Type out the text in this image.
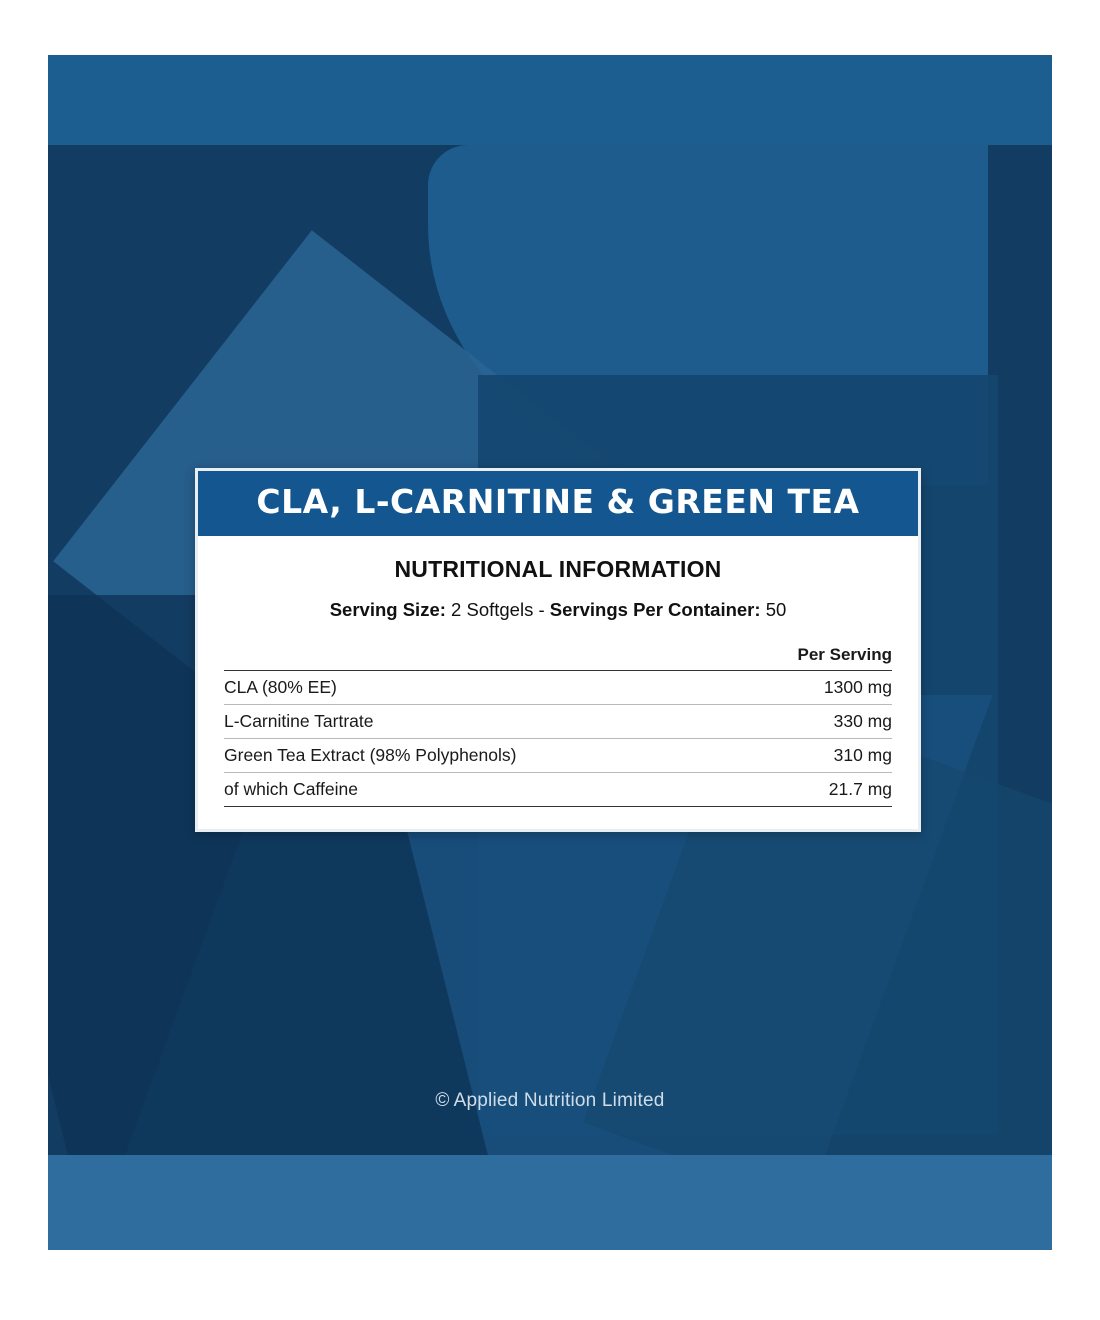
CLA, L-CARNITINE & GREEN TEA
NUTRITIONAL INFORMATION
Serving Size: 2 Softgels - Servings Per Container: 50
	Per Serving
CLA (80% EE)	1300 mg
L-Carnitine Tartrate	330 mg
Green Tea Extract (98% Polyphenols)	310 mg
of which Caffeine	21.7 mg
© Applied Nutrition Limited
